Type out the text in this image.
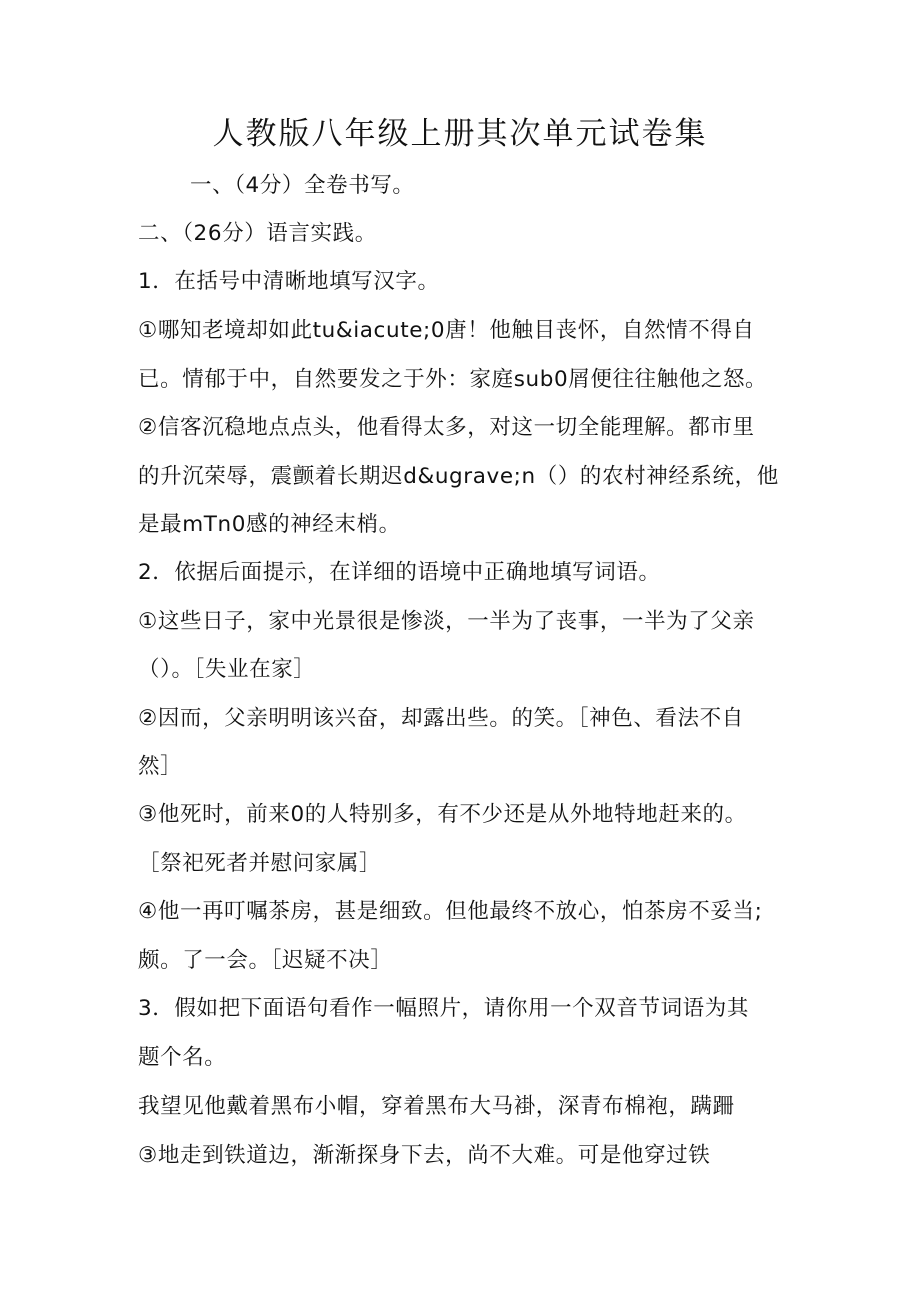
人教版八年级上册其次单元试卷集
一、（4分）全卷书写。
二、（26分）语言实践。
1．在括号中清晰地填写汉字。
①哪知老境却如此tu&iacute;0唐！他触目丧怀，自然情不得自
已。情郁于中，自然要发之于外：家庭sub0屑便往往触他之怒。
②信客沉稳地点点头，他看得太多，对这一切全能理解。都市里
的升沉荣辱，震颤着长期迟d&ugrave;n（）的农村神经系统，他
是最mTn0感的神经末梢。
2．依据后面提示，在详细的语境中正确地填写词语。
①这些日子，家中光景很是惨淡，一半为了丧事，一半为了父亲
（）。［失业在家］
②因而，父亲明明该兴奋，却露出些。的笑。［神色、看法不自
然］
③他死时，前来0的人特别多，有不少还是从外地特地赶来的。
［祭祀死者并慰问家属］
④他一再叮嘱茶房，甚是细致。但他最终不放心，怕茶房不妥当;
颇。了一会。［迟疑不决］
3．假如把下面语句看作一幅照片，请你用一个双音节词语为其
题个名。
我望见他戴着黑布小帽，穿着黑布大马褂，深青布棉袍，蹒跚
③地走到铁道边，渐渐探身下去，尚不大难。可是他穿过铁
